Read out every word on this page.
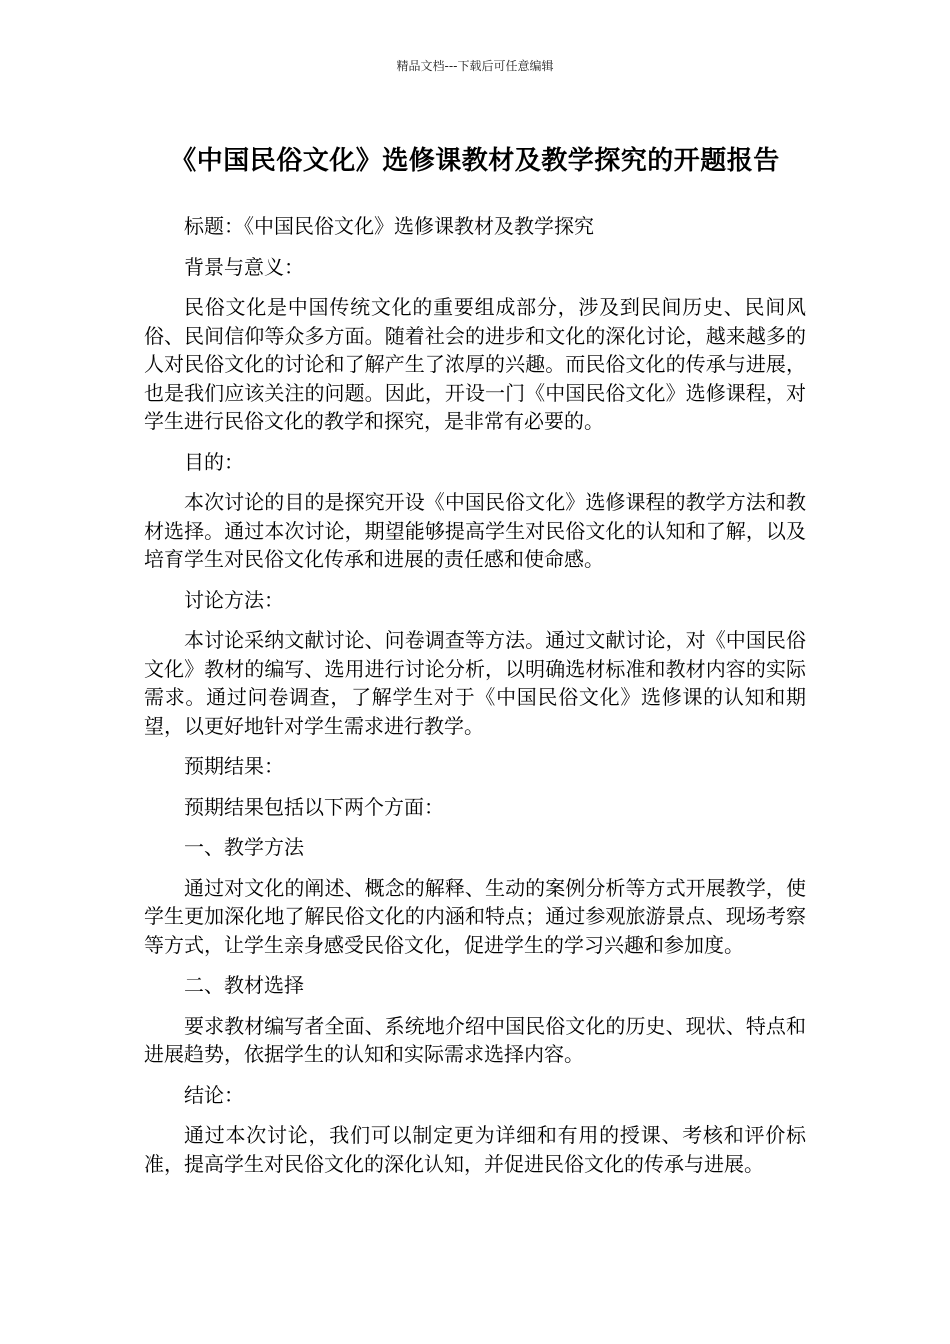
精品文档---下载后可任意编辑
《中国民俗文化》选修课教材及教学探究的开题报告

标题：《中国民俗文化》选修课教材及教学探究

背景与意义：

民俗文化是中国传统文化的重要组成部分，涉及到民间历史、民间风俗、民间信仰等众多方面。随着社会的进步和文化的深化讨论，越来越多的人对民俗文化的讨论和了解产生了浓厚的兴趣。而民俗文化的传承与进展，也是我们应该关注的问题。因此，开设一门《中国民俗文化》选修课程，对学生进行民俗文化的教学和探究，是非常有必要的。

目的：

本次讨论的目的是探究开设《中国民俗文化》选修课程的教学方法和教材选择。通过本次讨论，期望能够提高学生对民俗文化的认知和了解，以及培育学生对民俗文化传承和进展的责任感和使命感。

讨论方法：

本讨论采纳文献讨论、问卷调查等方法。通过文献讨论，对《中国民俗文化》教材的编写、选用进行讨论分析，以明确选材标准和教材内容的实际需求。通过问卷调查，了解学生对于《中国民俗文化》选修课的认知和期望，以更好地针对学生需求进行教学。

预期结果：

预期结果包括以下两个方面：

一、教学方法

通过对文化的阐述、概念的解释、生动的案例分析等方式开展教学，使学生更加深化地了解民俗文化的内涵和特点；通过参观旅游景点、现场考察等方式，让学生亲身感受民俗文化，促进学生的学习兴趣和参加度。

二、教材选择

要求教材编写者全面、系统地介绍中国民俗文化的历史、现状、特点和进展趋势，依据学生的认知和实际需求选择内容。

结论：

通过本次讨论，我们可以制定更为详细和有用的授课、考核和评价标准，提高学生对民俗文化的深化认知，并促进民俗文化的传承与进展。
